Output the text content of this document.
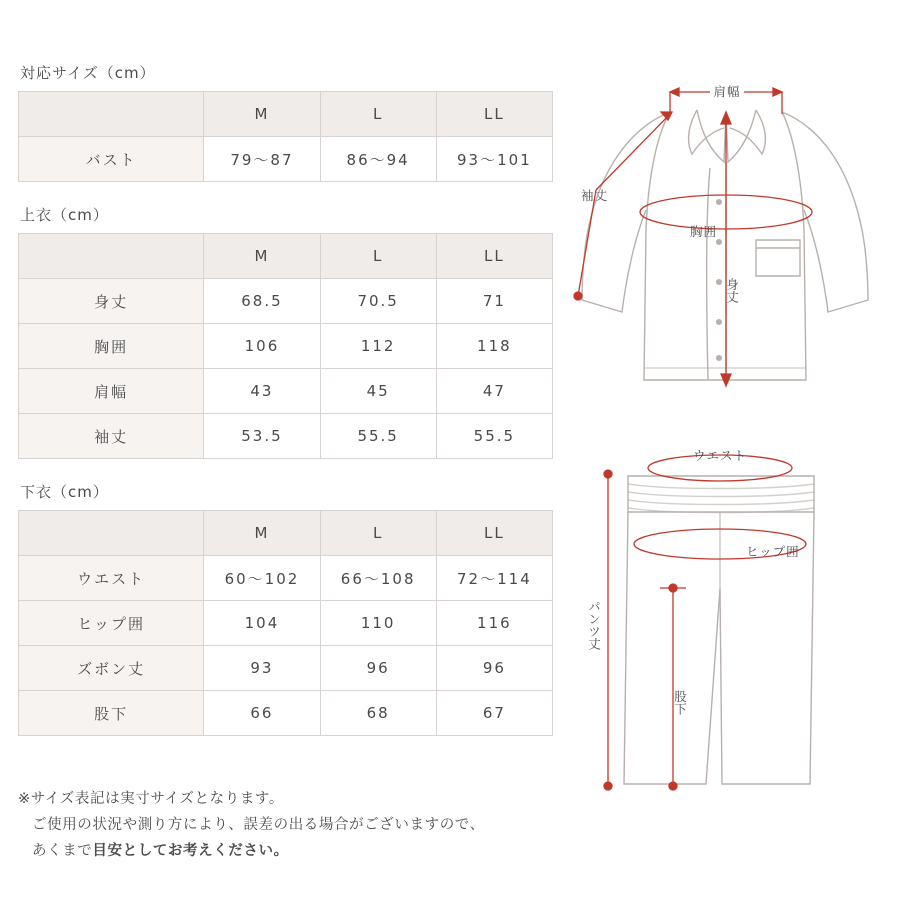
対応サイズ（cm）
	M	L	LL
バスト	79〜87	86〜94	93〜101
上衣（cm）
	M	L	LL
身丈	68.5	70.5	71
胸囲	106	112	118
肩幅	43	45	47
袖丈	53.5	55.5	55.5
下衣（cm）
	M	L	LL
ウエスト	60〜102	66〜108	72〜114
ヒップ囲	104	110	116
ズボン丈	93	96	96
股下	66	68	67
※サイズ表記は実寸サイズとなります。
ご使用の状況や測り方により、誤差の出る場合がございますので、
あくまで目安としてお考えください。
肩幅
袖丈
胸囲
身丈
ウエスト
ヒップ囲
パンツ丈
股下
